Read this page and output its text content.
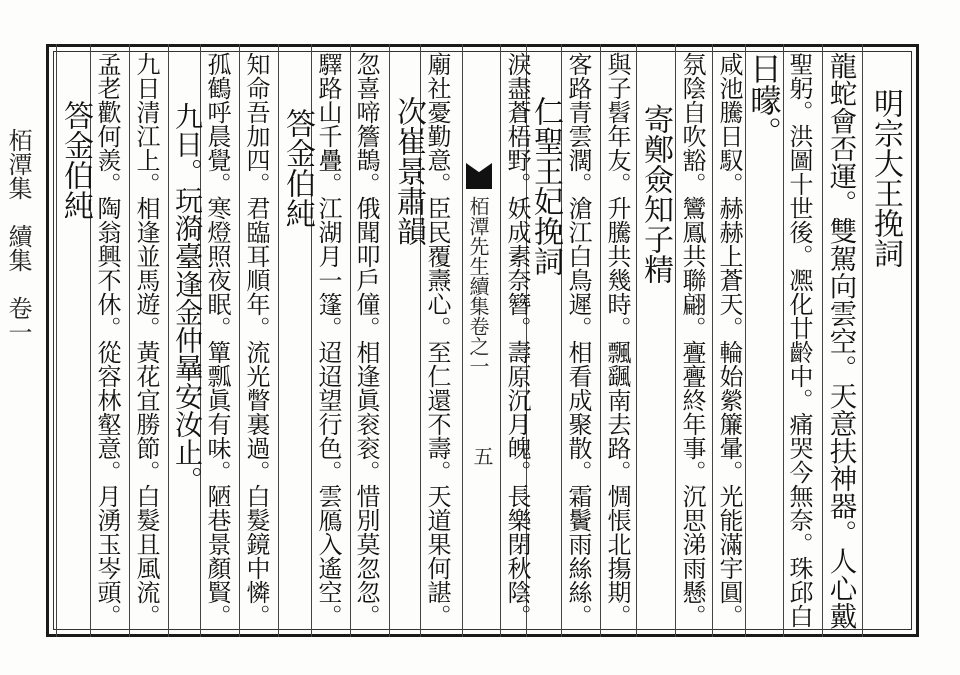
栢潭集　續集　卷一	明宗大王挽詞
龍蛇會否運。雙駕向雲空。天意扶神器。人心戴
聖躬。洪圖十世後。凞化廿齡中。痛哭今無奈。珠邱白
日曚。
咸池騰日馭。赫赫上蒼天。輪始縈簾暈。光能滿宇圓。
氛陰自吹豁。鸞鳳共聯翩。亹亹終年事。沉思涕雨懸。
寄鄭僉知子精
與子髫年友。升騰共幾時。飄颻南去路。惆悵北摥期。
客路青雲濶。滄江白鳥遲。相看成聚散。霜鬢雨絲絲。
仁聖王妃挽詞
淚盡蒼梧野。妖成素奈簪。壽原沉月魄。長樂閉秋陰。
栢潭先生續集卷之一
五
廟社憂勤意。臣民覆燾心。至仁還不壽。天道果何諶。
次崔景肅韻
忽喜啼簷鵲。俄聞叩戶僮。相逢眞衮衮。惜別莫忽忽。
驛路山千疊。江湖月一篷。迢迢望行色。雲鴈入遙空。
答金伯純
知命吾加四。君臨耳順年。流光瞥裏過。白髮鏡中憐。
孤鶴呼晨覺。寒燈照夜眠。簞瓢眞有味。陋巷景顏賢。
九日。玩漪臺逢金仲曅安汝止。
九日清江上。相逢並馬遊。黃花宜勝節。白髮且風流。
孟老歡何羨。陶翁興不休。從容林壑意。月湧玉岑頭。
答金伯純
